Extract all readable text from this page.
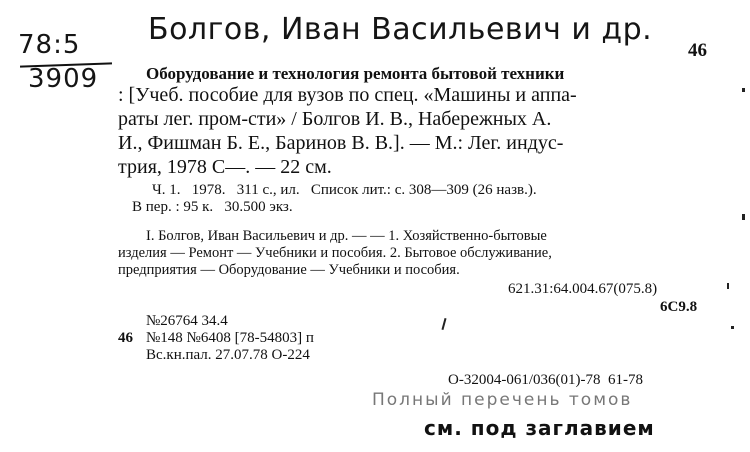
78:5
3909
Болгов, Иван Васильевич и др.
46
Оборудование и технология ремонта бытовой техники
: [Учеб. пособие для вузов по спец. «Машины и аппа-
раты лег. пром-сти» / Болгов И. В., Набережных А.
И., Фишман Б. Е., Баринов В. В.]. — М.: Лег. индус-
трия, 1978 С—. — 22 см.
Ч. 1.   1978.   311 с., ил.   Список лит.: с. 308—309 (26 назв.).
В пер. : 95 к.   30.500 экз.
I. Болгов, Иван Васильевич и др. — — 1. Хозяйственно-бытовые
изделия — Ремонт — Учебники и пособия. 2. Бытовое обслуживание,
предприятия — Оборудование — Учебники и пособия.
621.31:64.004.67(075.8)
6С9.8
№26764 34.4
46 №148 №6408 [78-54803] п
Вс.кн.пал. 27.07.78 О-224
О-32004-061/036(01)-78  61-78
Полный перечень томов
см. под заглавием
